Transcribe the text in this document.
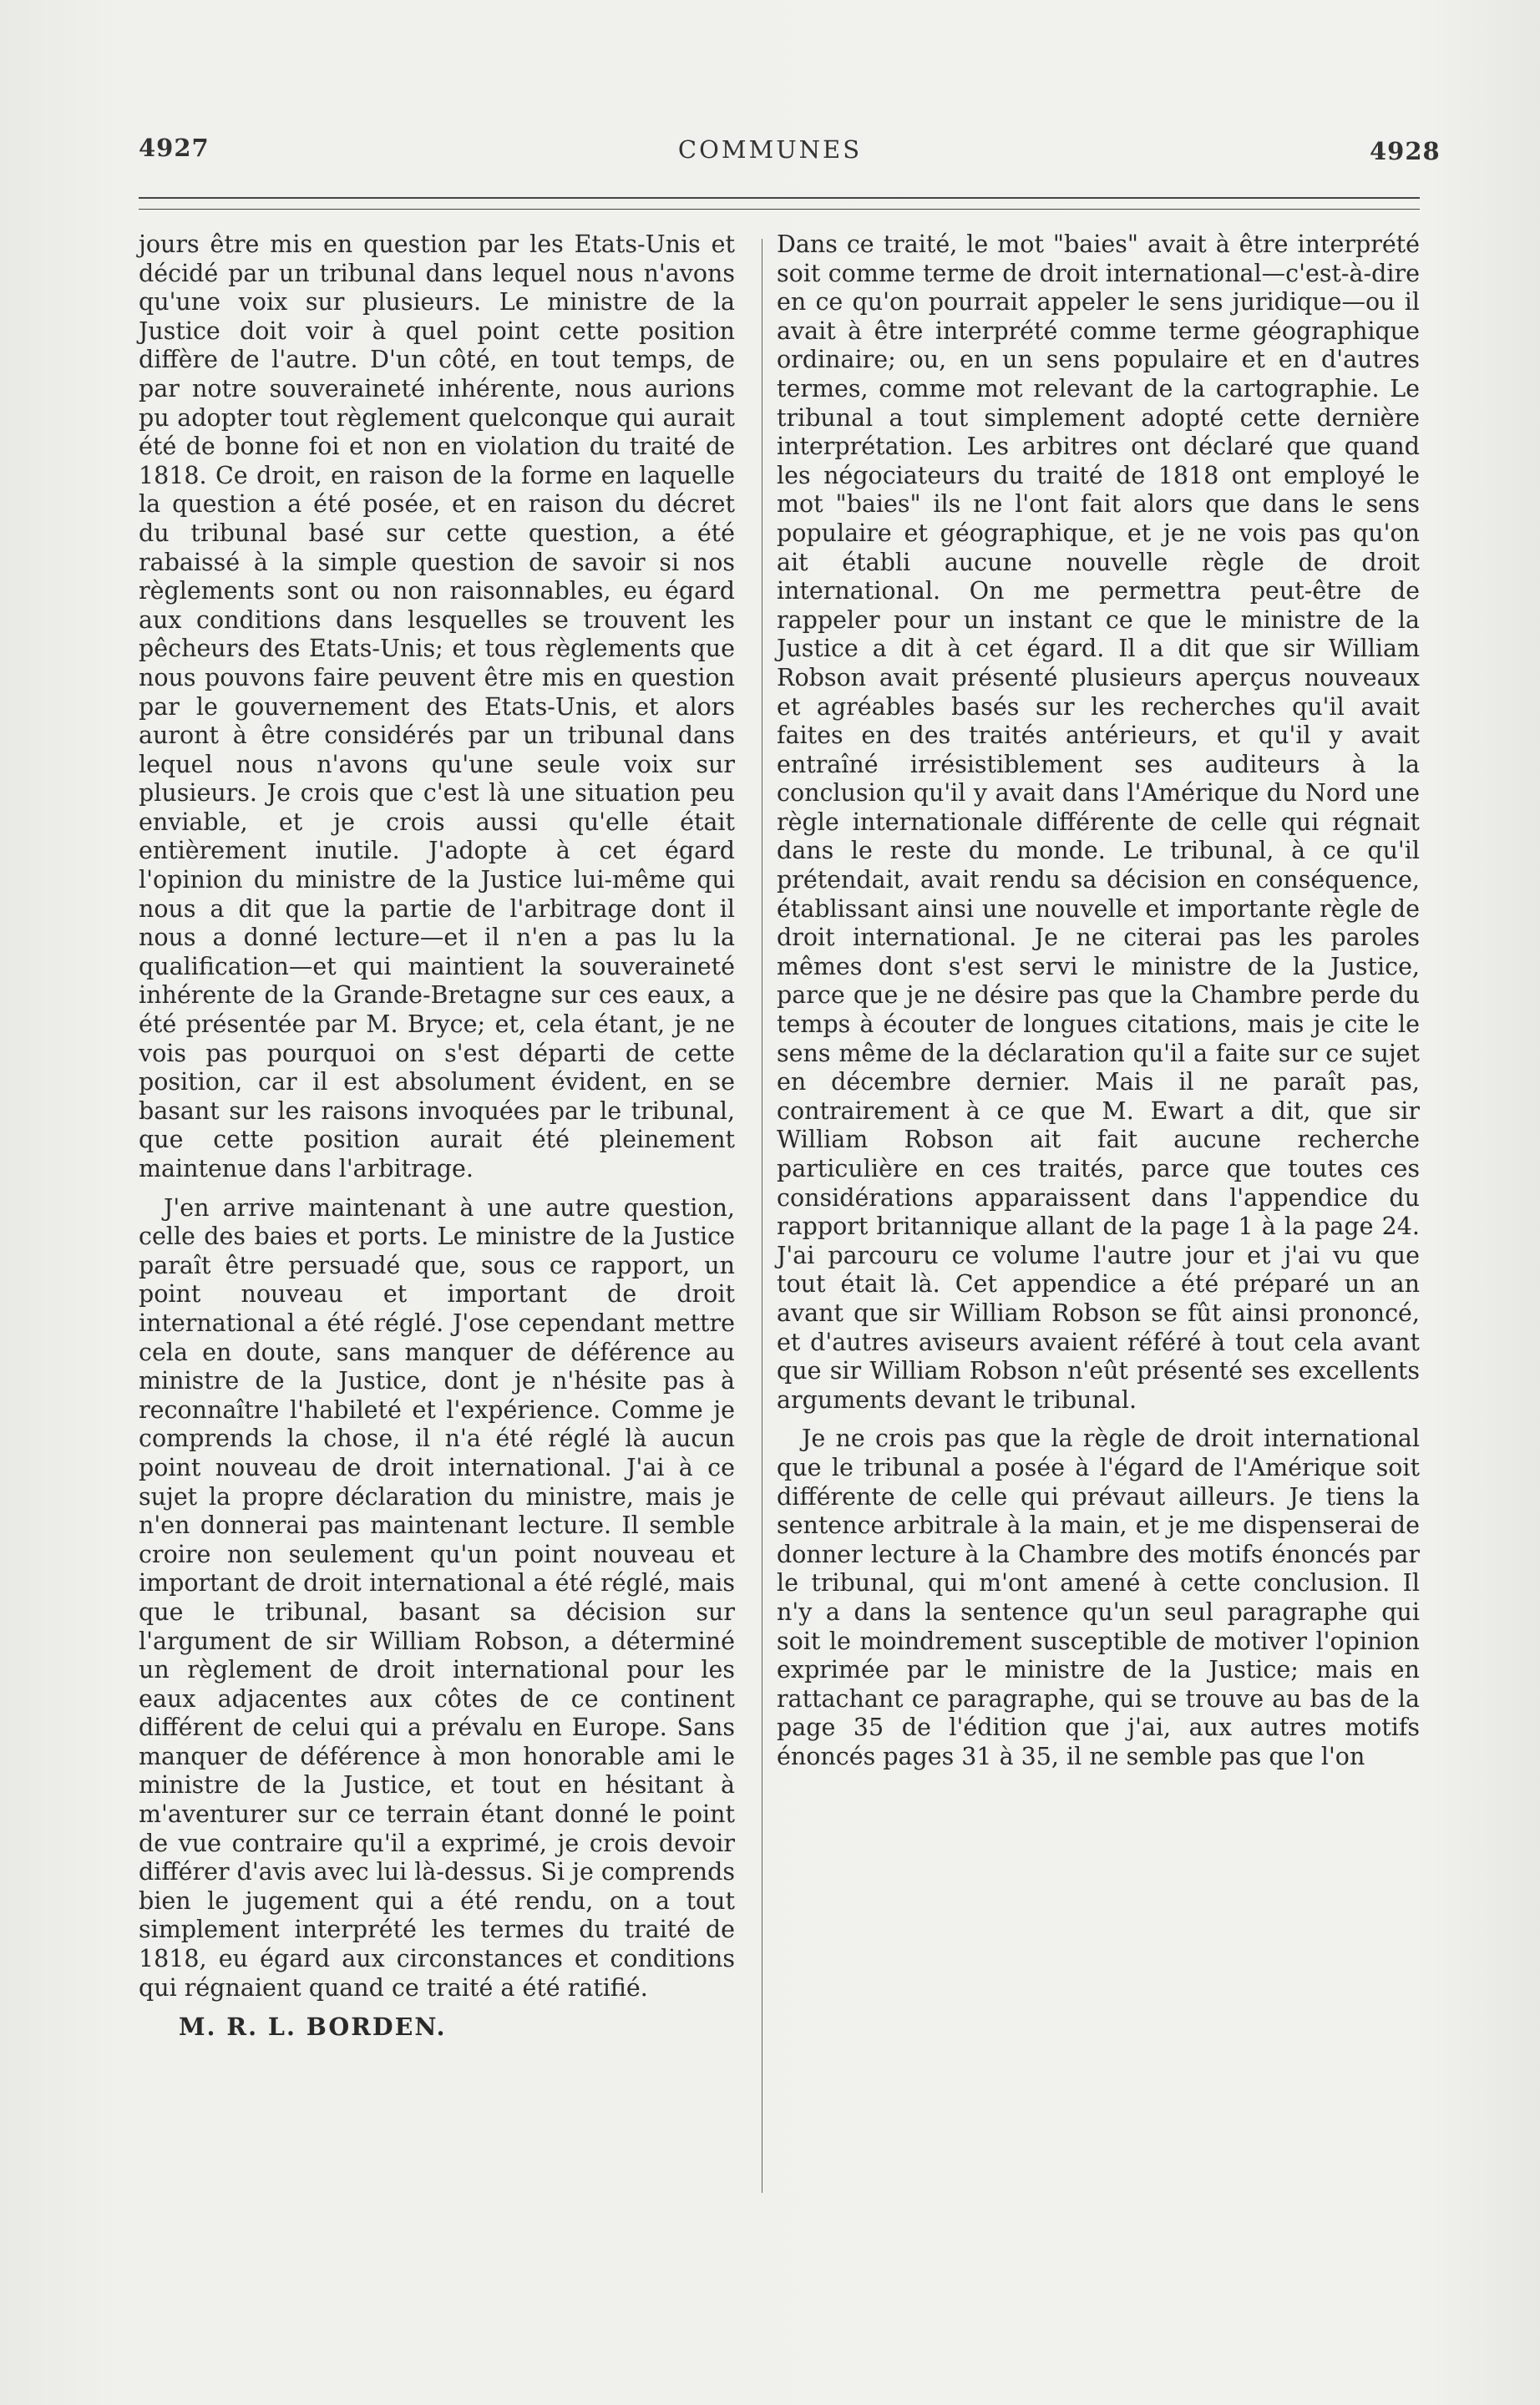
4927	COMMUNES	4928

jours être mis en question par les Etats-Unis et décidé par un tribunal dans lequel nous n'avons qu'une voix sur plusieurs. Le ministre de la Justice doit voir à quel point cette position diffère de l'autre. D'un côté, en tout temps, de par notre souveraineté inhérente, nous aurions pu adopter tout règlement quelconque qui aurait été de bonne foi et non en violation du traité de 1818. Ce droit, en raison de la forme en laquelle la question a été posée, et en raison du décret du tribunal basé sur cette question, a été rabaissé à la simple question de savoir si nos règlements sont ou non raisonnables, eu égard aux conditions dans lesquelles se trouvent les pêcheurs des Etats-Unis; et tous règlements que nous pouvons faire peuvent être mis en question par le gouvernement des Etats-Unis, et alors auront à être considérés par un tribunal dans lequel nous n'avons qu'une seule voix sur plusieurs. Je crois que c'est là une situation peu enviable, et je crois aussi qu'elle était entièrement inutile. J'adopte à cet égard l'opinion du ministre de la Justice lui-même qui nous a dit que la partie de l'arbitrage dont il nous a donné lecture—et il n'en a pas lu la qualification—et qui maintient la souveraineté inhérente de la Grande-Bretagne sur ces eaux, a été présentée par M. Bryce; et, cela étant, je ne vois pas pourquoi on s'est départi de cette position, car il est absolument évident, en se basant sur les raisons invoquées par le tribunal, que cette position aurait été pleinement maintenue dans l'arbitrage.

J'en arrive maintenant à une autre question, celle des baies et ports. Le ministre de la Justice paraît être persuadé que, sous ce rapport, un point nouveau et important de droit international a été réglé. J'ose cependant mettre cela en doute, sans manquer de déférence au ministre de la Justice, dont je n'hésite pas à reconnaître l'habileté et l'expérience. Comme je comprends la chose, il n'a été réglé là aucun point nouveau de droit international. J'ai à ce sujet la propre déclaration du ministre, mais je n'en donnerai pas maintenant lecture. Il semble croire non seulement qu'un point nouveau et important de droit international a été réglé, mais que le tribunal, basant sa décision sur l'argument de sir William Robson, a déterminé un règlement de droit international pour les eaux adjacentes aux côtes de ce continent différent de celui qui a prévalu en Europe. Sans manquer de déférence à mon honorable ami le ministre de la Justice, et tout en hésitant à m'aventurer sur ce terrain étant donné le point de vue contraire qu'il a exprimé, je crois devoir différer d'avis avec lui là-dessus. Si je comprends bien le jugement qui a été rendu, on a tout simplement interprété les termes du traité de 1818, eu égard aux circonstances et conditions qui régnaient quand ce traité a été ratifié.

M. R. L. BORDEN.

Dans ce traité, le mot "baies" avait à être interprété soit comme terme de droit international—c'est-à-dire en ce qu'on pourrait appeler le sens juridique—ou il avait à être interprété comme terme géographique ordinaire; ou, en un sens populaire et en d'autres termes, comme mot relevant de la cartographie. Le tribunal a tout simplement adopté cette dernière interprétation. Les arbitres ont déclaré que quand les négociateurs du traité de 1818 ont employé le mot "baies" ils ne l'ont fait alors que dans le sens populaire et géographique, et je ne vois pas qu'on ait établi aucune nouvelle règle de droit international. On me permettra peut-être de rappeler pour un instant ce que le ministre de la Justice a dit à cet égard. Il a dit que sir William Robson avait présenté plusieurs aperçus nouveaux et agréables basés sur les recherches qu'il avait faites en des traités antérieurs, et qu'il y avait entraîné irrésistiblement ses auditeurs à la conclusion qu'il y avait dans l'Amérique du Nord une règle internationale différente de celle qui régnait dans le reste du monde. Le tribunal, à ce qu'il prétendait, avait rendu sa décision en conséquence, établissant ainsi une nouvelle et importante règle de droit international. Je ne citerai pas les paroles mêmes dont s'est servi le ministre de la Justice, parce que je ne désire pas que la Chambre perde du temps à écouter de longues citations, mais je cite le sens même de la déclaration qu'il a faite sur ce sujet en décembre dernier. Mais il ne paraît pas, contrairement à ce que M. Ewart a dit, que sir William Robson ait fait aucune recherche particulière en ces traités, parce que toutes ces considérations apparaissent dans l'appendice du rapport britannique allant de la page 1 à la page 24. J'ai parcouru ce volume l'autre jour et j'ai vu que tout était là. Cet appendice a été préparé un an avant que sir William Robson se fût ainsi prononcé, et d'autres aviseurs avaient référé à tout cela avant que sir William Robson n'eût présenté ses excellents arguments devant le tribunal.

Je ne crois pas que la règle de droit international que le tribunal a posée à l'égard de l'Amérique soit différente de celle qui prévaut ailleurs. Je tiens la sentence arbitrale à la main, et je me dispenserai de donner lecture à la Chambre des motifs énoncés par le tribunal, qui m'ont amené à cette conclusion. Il n'y a dans la sentence qu'un seul paragraphe qui soit le moindrement susceptible de motiver l'opinion exprimée par le ministre de la Justice; mais en rattachant ce paragraphe, qui se trouve au bas de la page 35 de l'édition que j'ai, aux autres motifs énoncés pages 31 à 35, il ne semble pas que l'on
